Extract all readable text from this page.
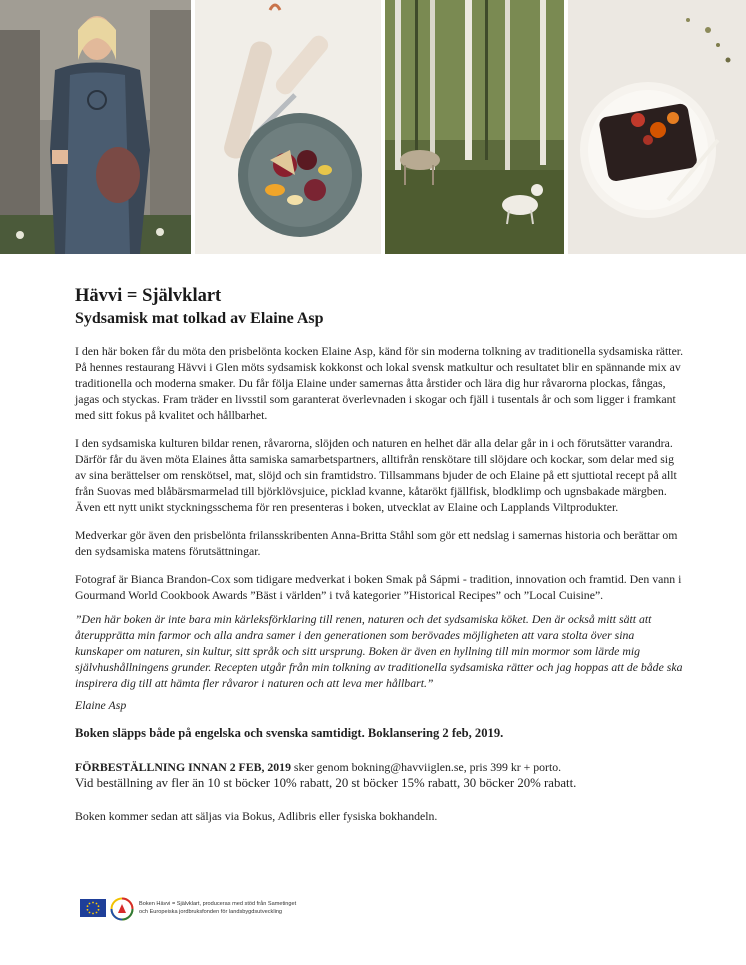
Hävvi = Självklart
Sydsamisk mat tolkad av Elaine Asp

I den här boken får du möta den prisbelönta kocken Elaine Asp, känd för sin moderna tolkning av traditionella sydsamiska rätter. På hennes restaurang Hävvi i Glen möts sydsamisk kokkonst och lokal svensk matkultur och resultatet blir en spännande mix av traditionella och moderna smaker. Du får följa Elaine under samernas åtta årstider och lära dig hur råvarorna plockas, fångas, jagas och styckas. Fram träder en livsstil som garanterat överlevnaden i skogar och fjäll i tusentals år och som ligger i framkant med sitt fokus på kvalitet och hållbarhet.

I den sydsamiska kulturen bildar renen, råvarorna, slöjden och naturen en helhet där alla delar går in i och förutsätter varandra. Därför får du även möta Elaines åtta samiska samarbetspartners, alltifrån renskötare till slöjdare och kockar, som delar med sig av sina berättelser om renskötsel, mat, slöjd och sin framtidstro. Tillsammans bjuder de och Elaine på ett sjuttiotal recept på allt från Suovas med blåbärsmarmelad till björklövsjuice, picklad kvanne, kåtarökt fjällfisk, blodklimp och ugnsbakade märgben. Även ett nytt unikt styckningsschema för ren presenteras i boken, utvecklat av Elaine och Lapplands Viltprodukter.

Medverkar gör även den prisbelönta frilansskribenten Anna-Britta Ståhl som gör ett nedslag i samernas historia och berättar om den sydsamiska matens förutsättningar.

Fotograf är Bianca Brandon-Cox som tidigare medverkat i boken Smak på Sápmi - tradition, innovation och framtid. Den vann i Gourmand World Cookbook Awards ”Bäst i världen” i två kategorier ”Historical Recipes” och ”Local Cuisine”.

”Den här boken är inte bara min kärleksförklaring till renen, naturen och det sydsamiska köket. Den är också mitt sätt att återupprätta min farmor och alla andra samer i den generationen som berövades möjligheten att vara stolta över sina kunskaper om naturen, sin kultur, sitt språk och sitt ursprung. Boken är även en hyllning till min mormor som lärde mig självhushållningens grunder. Recepten utgår från min tolkning av traditionella sydsamiska rätter och jag hoppas att de både ska inspirera dig till att hämta fler råvaror i naturen och att leva mer hållbart.”

Elaine Asp

Boken släpps både på engelska och svenska samtidigt. Boklansering 2 feb, 2019.

FÖRBESTÄLLNING INNAN 2 FEB, 2019 sker genom bokning@havviiglen.se, pris 399 kr + porto.
Vid beställning av fler än 10 st böcker 10% rabatt, 20 st böcker 15% rabatt, 30 böcker 20% rabatt.

Boken kommer sedan att säljas via Bokus, Adlibris eller fysiska bokhandeln.

Boken Hävvi = Självklart, produceras med stöd från Sametinget
och Europeiska jordbruksfonden för landsbygdsutveckling
